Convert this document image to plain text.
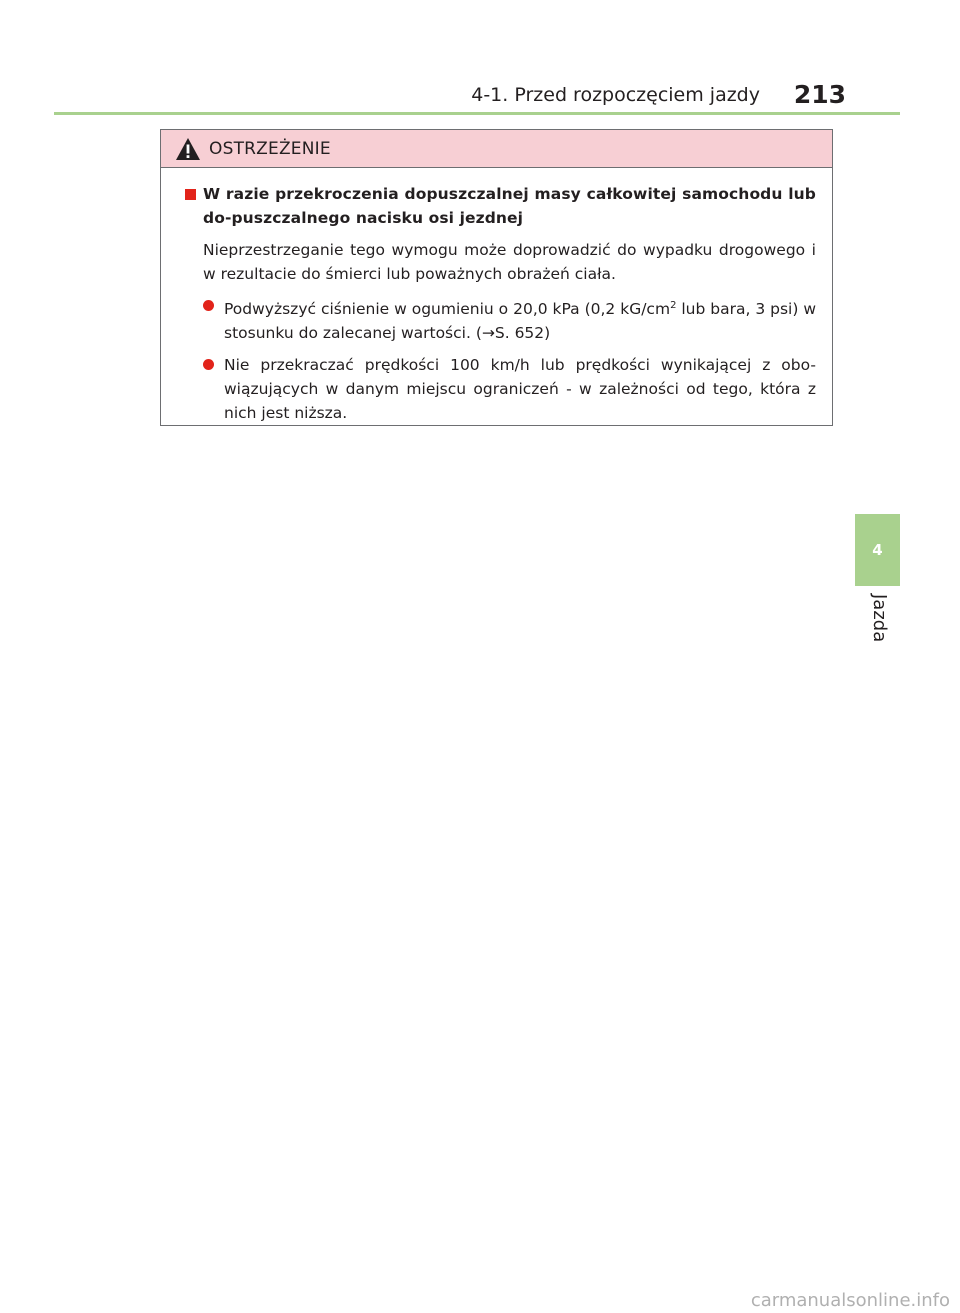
4-1. Przed rozpoczęciem jazdy 213
OSTRZEŻENIE
W razie przekroczenia dopuszczalnej masy całkowitej samochodu lub do-puszczalnego nacisku osi jezdnej
Nieprzestrzeganie tego wymogu może doprowadzić do wypadku drogowego i w rezultacie do śmierci lub poważnych obrażeń ciała.
Podwyższyć ciśnienie w ogumieniu o 20,0 kPa (0,2 $kG/cm^2$ lub bara, 3 psi) w stosunku do zalecanej wartości. (→S. 652)
Nie przekraczać prędkości 100 km/h lub prędkości wynikającej z obo-wiązujących w danym miejscu ograniczeń - w zależności od tego, która z nich jest niższa.
4
Jazda
carmanualsonline.info
